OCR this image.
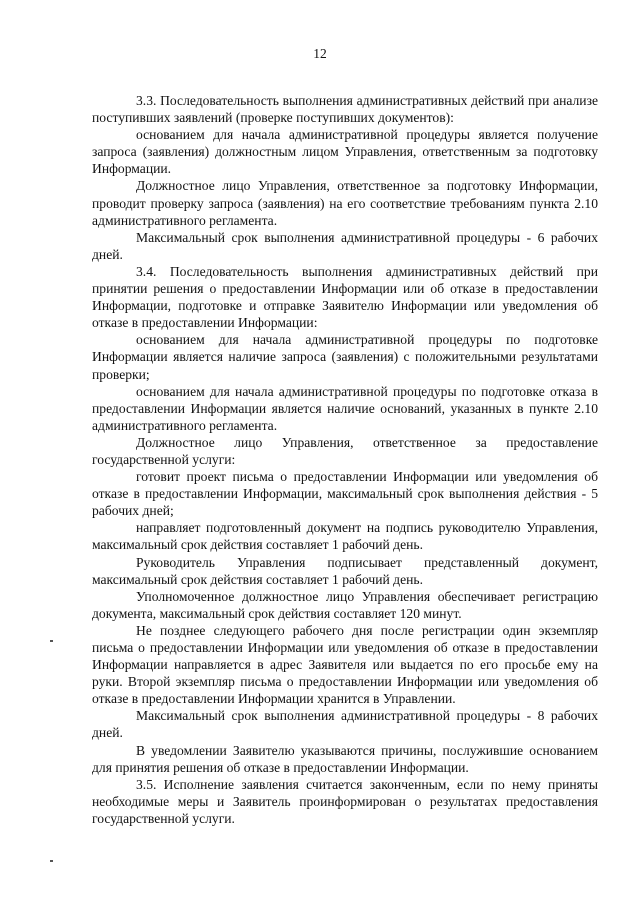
12

3.3. Последовательность выполнения административных действий при анализе поступивших заявлений (проверке поступивших документов):

основанием для начала административной процедуры является получение запроса (заявления) должностным лицом Управления, ответственным за подготовку Информации.

Должностное лицо Управления, ответственное за подготовку Информации, проводит проверку запроса (заявления) на его соответствие требованиям пункта 2.10 административного регламента.

Максимальный срок выполнения административной процедуры - 6 рабочих дней.

3.4. Последовательность выполнения административных действий при принятии решения о предоставлении Информации или об отказе в предоставлении Информации, подготовке и отправке Заявителю Информации или уведомления об отказе в предоставлении Информации:

основанием для начала административной процедуры по подготовке Информации является наличие запроса (заявления) с положительными результатами проверки;

основанием для начала административной процедуры по подготовке отказа в предоставлении Информации является наличие оснований, указанных в пункте 2.10 административного регламента.

Должностное лицо Управления, ответственное за предоставление государственной услуги:

готовит проект письма о предоставлении Информации или уведомления об отказе в предоставлении Информации, максимальный срок выполнения действия - 5 рабочих дней;

направляет подготовленный документ на подпись руководителю Управления, максимальный срок действия составляет 1 рабочий день.

Руководитель Управления подписывает представленный документ, максимальный срок действия составляет 1 рабочий день.

Уполномоченное должностное лицо Управления обеспечивает регистрацию документа, максимальный срок действия составляет 120 минут.

Не позднее следующего рабочего дня после регистрации один экземпляр письма о предоставлении Информации или уведомления об отказе в предоставлении Информации направляется в адрес Заявителя или выдается по его просьбе ему на руки. Второй экземпляр письма о предоставлении Информации или уведомления об отказе в предоставлении Информации хранится в Управлении.

Максимальный срок выполнения административной процедуры - 8 рабочих дней.

В уведомлении Заявителю указываются причины, послужившие основанием для принятия решения об отказе в предоставлении Информации.

3.5. Исполнение заявления считается законченным, если по нему приняты необходимые меры и Заявитель проинформирован о результатах предоставления государственной услуги.
